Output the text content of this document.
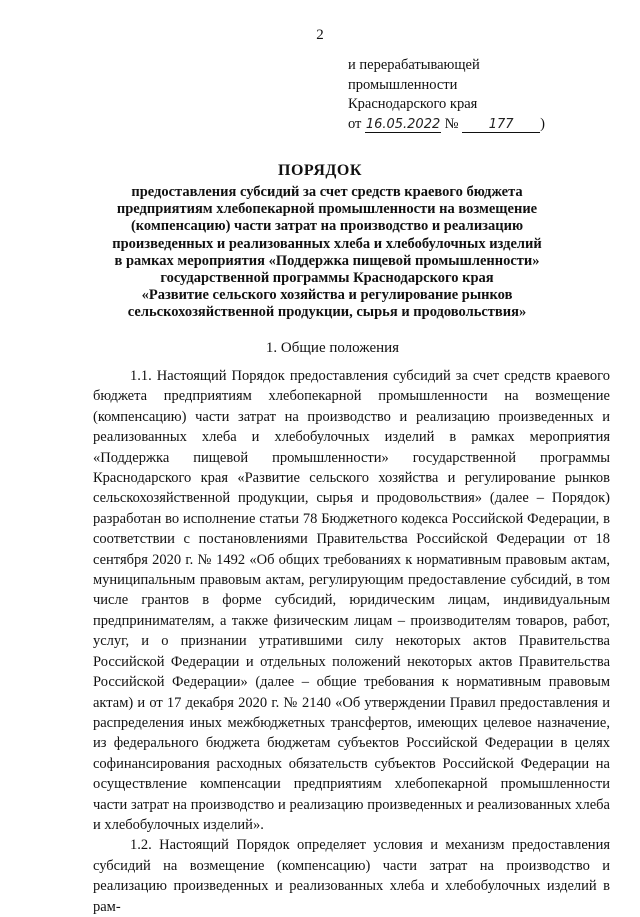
2
и перерабатывающей
промышленности
Краснодарского края
от 16.05.2022 № 177 )
ПОРЯДОК
предоставления субсидий за счет средств краевого бюджета
предприятиям хлебопекарной промышленности на возмещение
(компенсацию) части затрат на производство и реализацию
произведенных и реализованных хлеба и хлебобулочных изделий
в рамках мероприятия «Поддержка пищевой промышленности»
государственной программы Краснодарского края
«Развитие сельского хозяйства и регулирование рынков
сельскохозяйственной продукции, сырья и продовольствия»
1. Общие положения

1.1. Настоящий Порядок предоставления субсидий за счет средств краевого бюджета предприятиям хлебопекарной промышленности на возмещение (компенсацию) части затрат на производство и реализацию произведенных и реализованных хлеба и хлебобулочных изделий в рамках мероприятия «Поддержка пищевой промышленности» государственной программы Краснодарского края «Развитие сельского хозяйства и регулирование рынков сельскохозяйственной продукции, сырья и продовольствия» (далее – Порядок) разработан во исполнение статьи 78 Бюджетного кодекса Российской Федерации, в соответствии с постановлениями Правительства Российской Федерации от 18 сентября 2020 г. № 1492 «Об общих требованиях к нормативным правовым актам, муниципальным правовым актам, регулирующим предоставление субсидий, в том числе грантов в форме субсидий, юридическим лицам, индивидуальным предпринимателям, а также физическим лицам – производителям товаров, работ, услуг, и о признании утратившими силу некоторых актов Правительства Российской Федерации и отдельных положений некоторых актов Правительства Российской Федерации» (далее – общие требования к нормативным правовым актам) и от 17 декабря 2020 г. № 2140 «Об утверждении Правил предоставления и распределения иных межбюджетных трансфертов, имеющих целевое назначение, из федерального бюджета бюджетам субъектов Российской Федерации в целях софинансирования расходных обязательств субъектов Российской Федерации на осуществление компенсации предприятиям хлебопекарной промышленности части затрат на производство и реализацию произведенных и реализованных хлеба и хлебобулочных изделий».

1.2. Настоящий Порядок определяет условия и механизм предоставления субсидий на возмещение (компенсацию) части затрат на производство и реализацию произведенных и реализованных хлеба и хлебобулочных изделий в рам-
